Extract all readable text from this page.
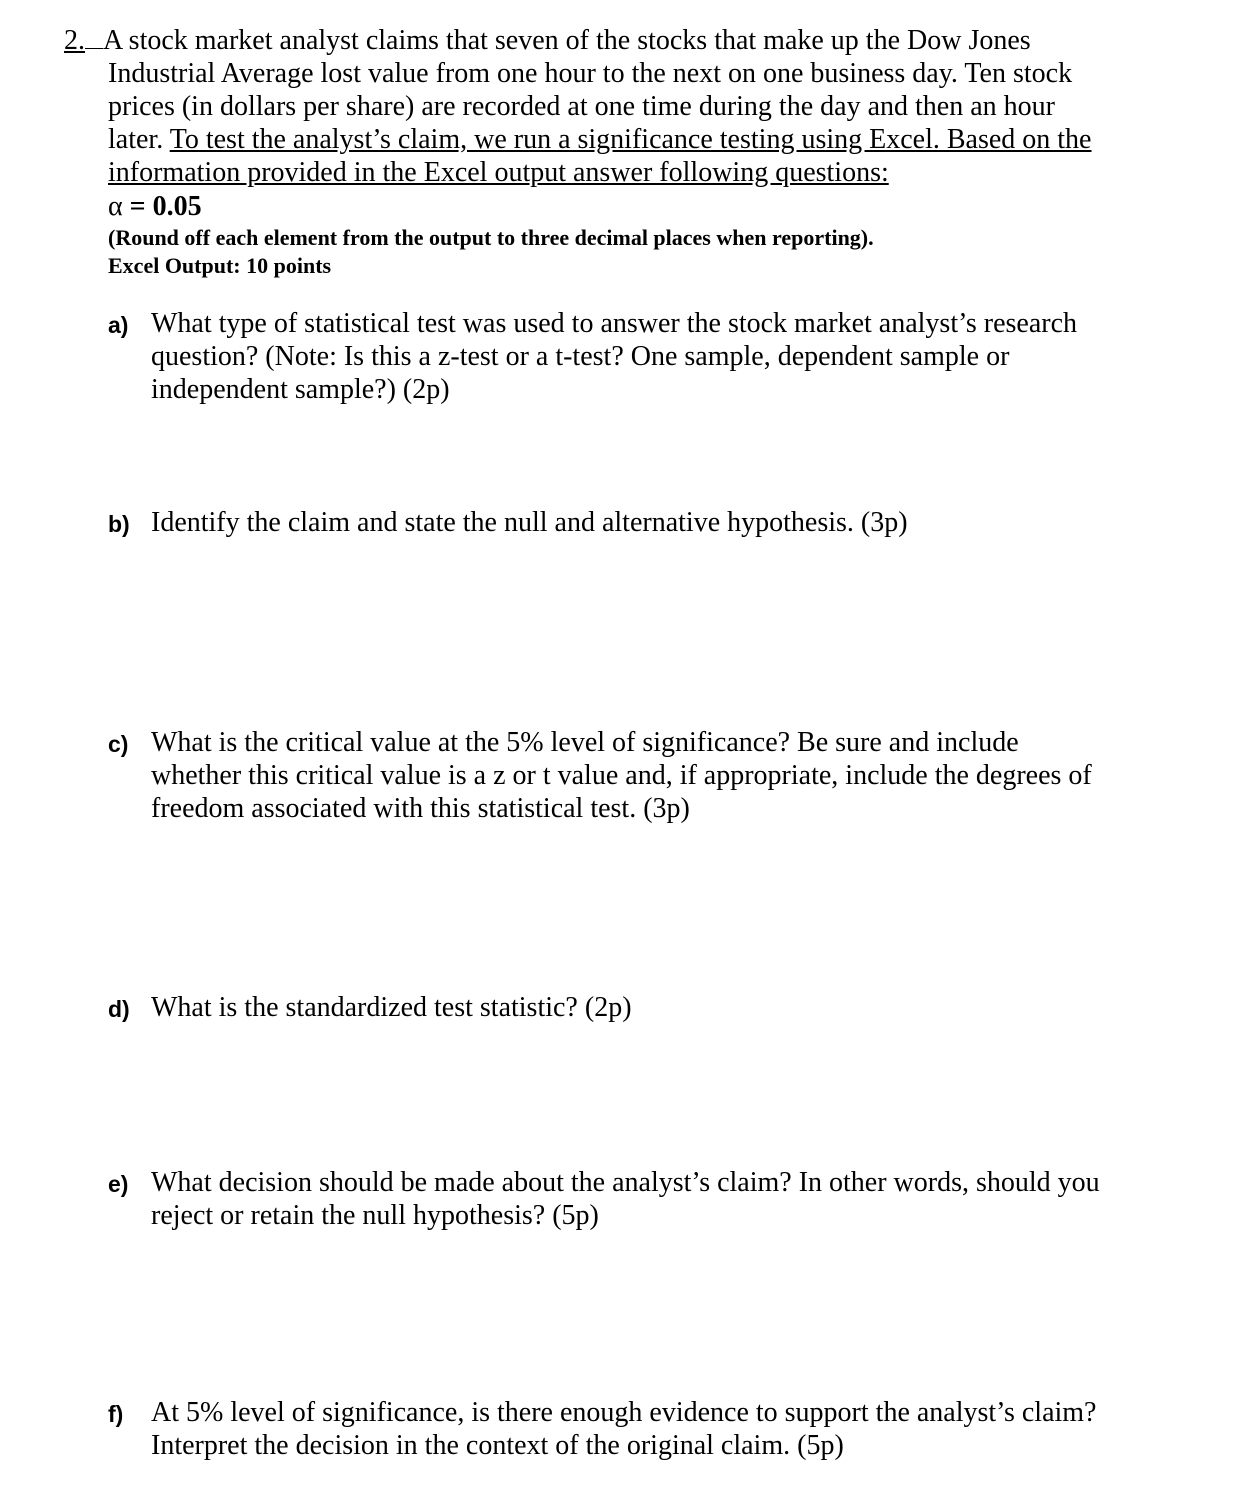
2. A stock market analyst claims that seven of the stocks that make up the Dow Jones
Industrial Average lost value from one hour to the next on one business day. Ten stock
prices (in dollars per share) are recorded at one time during the day and then an hour
later. To test the analyst’s claim, we run a significance testing using Excel. Based on the
information provided in the Excel output answer following questions:
α = 0.05
(Round off each element from the output to three decimal places when reporting).
Excel Output: 10 points
a) What type of statistical test was used to answer the stock market analyst’s research
question? (Note: Is this a z-test or a t-test? One sample, dependent sample or
independent sample?) (2p)
b) Identify the claim and state the null and alternative hypothesis. (3p)
c) What is the critical value at the 5% level of significance? Be sure and include
whether this critical value is a z or t value and, if appropriate, include the degrees of
freedom associated with this statistical test. (3p)
d) What is the standardized test statistic? (2p)
e) What decision should be made about the analyst’s claim? In other words, should you
reject or retain the null hypothesis? (5p)
f) At 5% level of significance, is there enough evidence to support the analyst’s claim?
Interpret the decision in the context of the original claim. (5p)
